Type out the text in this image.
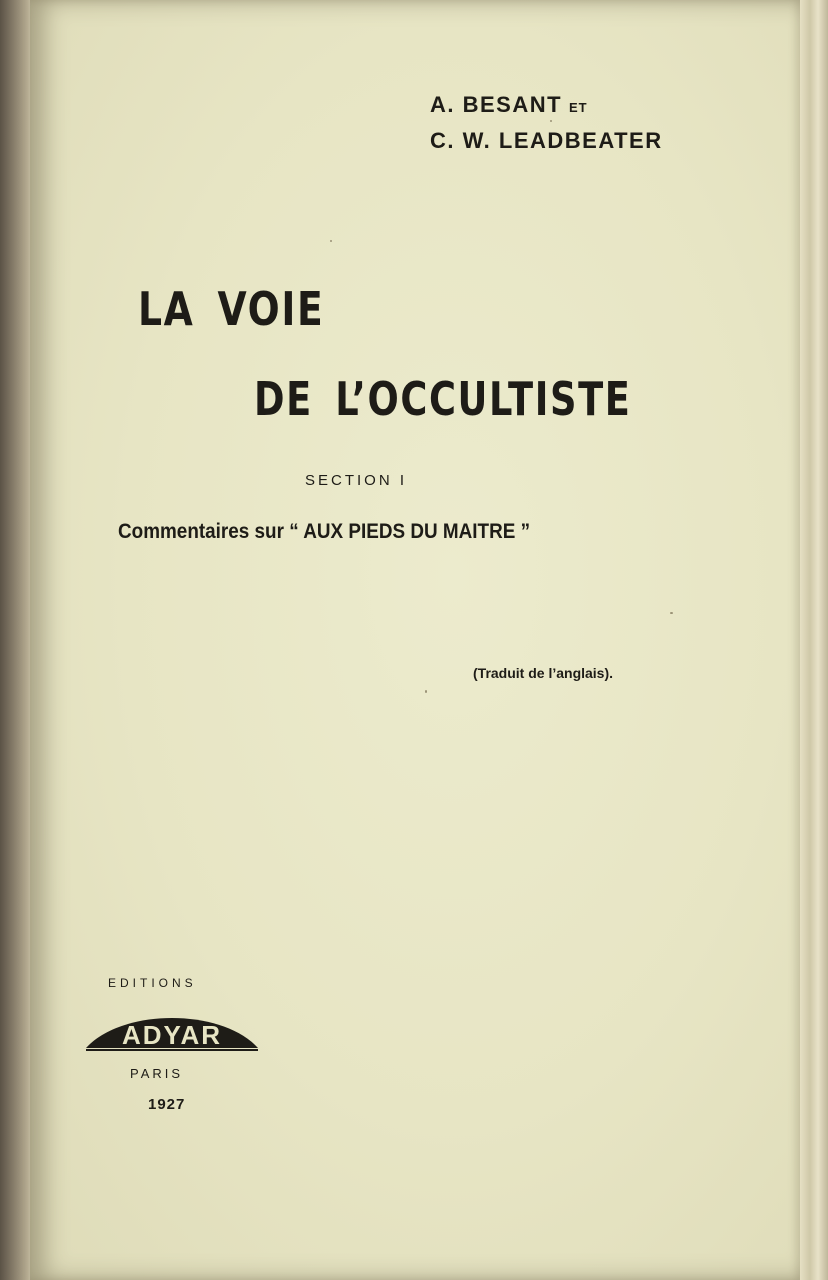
A. BESANT ET
C. W. LEADBEATER
LA VOIE
DE L’OCCULTISTE
SECTION I
Commentaires sur “ AUX PIEDS DU MAITRE ”
(Traduit de l’anglais).
EDITIONS
ADYAR
PARIS
1927
